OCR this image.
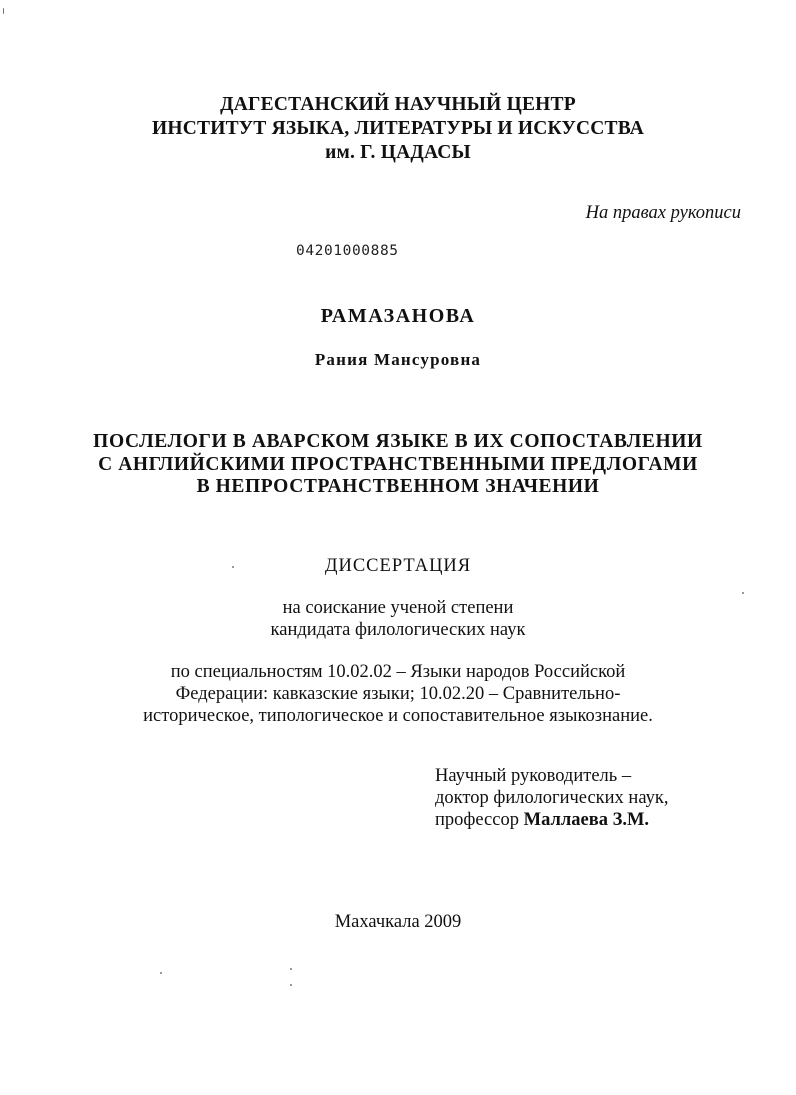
ДАГЕСТАНСКИЙ НАУЧНЫЙ ЦЕНТР
ИНСТИТУТ ЯЗЫКА, ЛИТЕРАТУРЫ И ИСКУССТВА
им. Г. ЦАДАСЫ
На правах рукописи
04201000885
РАМАЗАНОВА
Рания Мансуровна
ПОСЛЕЛОГИ В АВАРСКОМ ЯЗЫКЕ В ИХ СОПОСТАВЛЕНИИ
С АНГЛИЙСКИМИ ПРОСТРАНСТВЕННЫМИ ПРЕДЛОГАМИ
В НЕПРОСТРАНСТВЕННОМ ЗНАЧЕНИИ
ДИССЕРТАЦИЯ
на соискание ученой степени
кандидата филологических наук
по специальностям 10.02.02 – Языки народов Российской
Федерации: кавказские языки; 10.02.20 – Сравнительно-
историческое, типологическое и сопоставительное языкознание.
Научный руководитель –
доктор филологических наук,
профессор Маллаева З.М.
Махачкала 2009
